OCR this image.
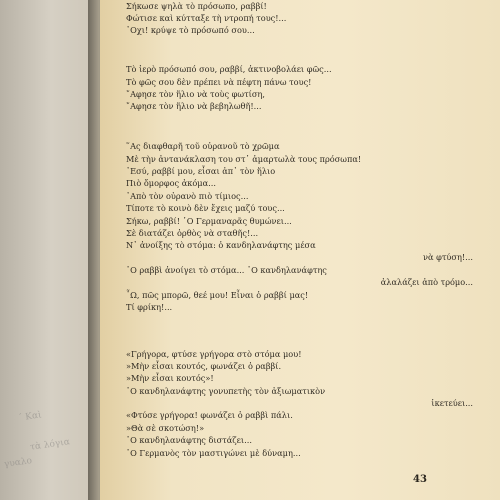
΄ Καὶ
τὰ λόγια
γυαλο
Σήκωσε ψηλὰ τὸ πρόσωπο, ραββί!
Φώτισε καὶ κύτταξε τὴ ντροπή τους!...
᾿Οχι! κρύψε τὸ πρόσωπό σου...
Τὸ ἱερὸ πρόσωπό σου, ραββί, ἀκτινοβολάει φῶς...
Τὸ φῶς σου δὲν πρέπει νὰ πέφτη πάνω τους!
῎Αφησε τὸν ἥλιο νὰ τοὺς φωτίση,
῎Αφησε τὸν ἥλιο νὰ βεβηλωθῆ!...
῞Ας διαφθαρῆ τοῦ οὐρανοῦ τὸ χρῶμα
Μὲ τὴν ἀντανάκλαση του στ᾿ ἁμαρτωλὰ τους πρόσωπα!
᾿Εσύ, ραββί μου, εἶσαι ἀπ᾿ τὸν ἥλιο
Πιὸ ὄμορφος ἀκόμα...
᾿Απὸ τὸν οὐρανὸ πιὸ τίμιος...
Τίποτε τὸ κοινὸ δὲν ἔχεις μαζύ τους...
Σήκω, ραββί! ῾Ο Γερμαναρᾶς θυμώνει...
Σὲ διατάζει ὀρθὸς νὰ σταθῆς!...
Ν᾿ ἀνοίξης τὸ στόμα: ὁ κανδηλανάφτης μέσα
νὰ φτύση!...
῾Ο ραββὶ ἀνοίγει τὸ στόμα... ῾Ο κανδηλανάφτης
ἀλαλάζει ἀπὸ τρόμο...
῏Ω, πῶς μπορῶ, θεέ μου! Εἶναι ὁ ραββί μας!
Τί φρίκη!...
«Γρήγορα, φτύσε γρήγορα στὸ στόμα μου!
»Μὴν εἶσαι κουτός, φωνάζει ὁ ραββί.
»Μὴν εἶσαι κουτός»!
῾Ο κανδηλανάφτης γονυπετὴς τὸν ἀξιωματικὸν
ἱκετεύει...
«Φτύσε γρήγορα! φωνάζει ὁ ραββὶ πάλι.
»Θὰ σὲ σκοτώση!»
῾Ο κανδηλανάφτης διστάζει...
῾Ο Γερμανὸς τὸν μαστιγώνει μὲ δύναμη...
43
